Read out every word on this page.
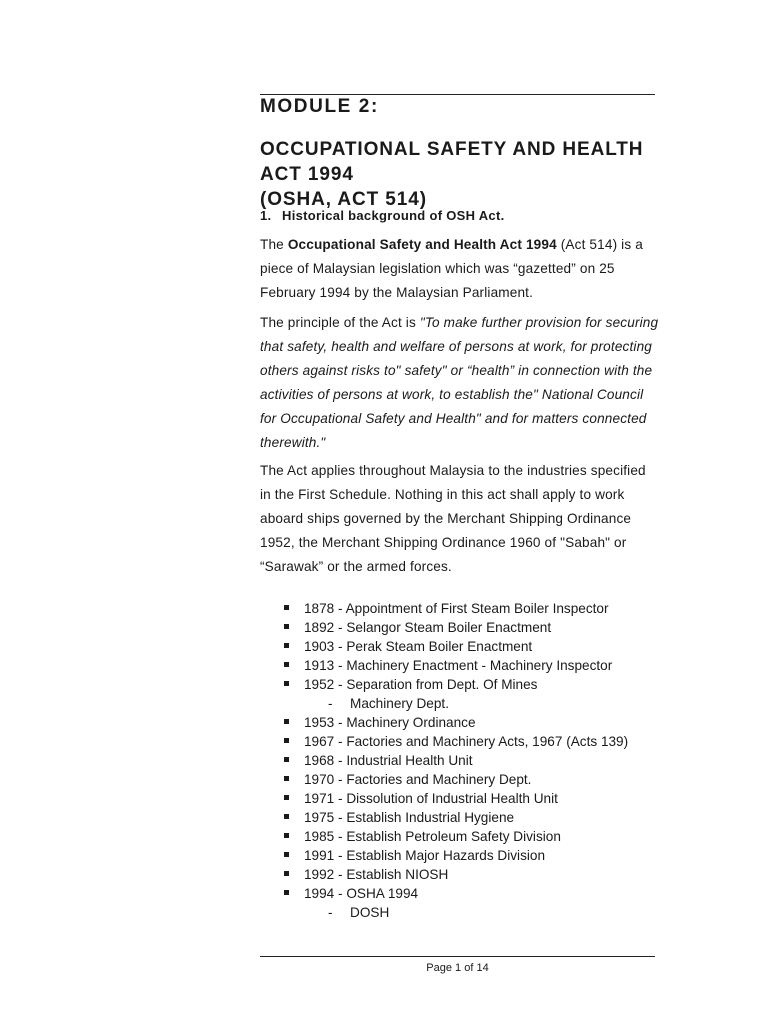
MODULE 2:
OCCUPATIONAL SAFETY AND HEALTH ACT 1994
(OSHA, ACT 514)
1. Historical background of OSH Act.

The Occupational Safety and Health Act 1994 (Act 514) is a piece of Malaysian legislation which was “gazetted” on 25 February 1994 by the Malaysian Parliament.

The principle of the Act is "To make further provision for securing that safety, health and welfare of persons at work, for protecting others against risks to" safety" or “health” in connection with the activities of persons at work, to establish the" National Council for Occupational Safety and Health" and for matters connected therewith."

The Act applies throughout Malaysia to the industries specified in the First Schedule. Nothing in this act shall apply to work aboard ships governed by the Merchant Shipping Ordinance 1952, the Merchant Shipping Ordinance 1960 of "Sabah" or “Sarawak” or the armed forces.

1878 - Appointment of First Steam Boiler Inspector
1892 - Selangor Steam Boiler Enactment
1903 - Perak Steam Boiler Enactment
1913 - Machinery Enactment - Machinery Inspector
1952 - Separation from Dept. Of Mines
- Machinery Dept.
1953 - Machinery Ordinance
1967 - Factories and Machinery Acts, 1967 (Acts 139)
1968 - Industrial Health Unit
1970 - Factories and Machinery Dept.
1971 - Dissolution of Industrial Health Unit
1975 - Establish Industrial Hygiene
1985 - Establish Petroleum Safety Division
1991 - Establish Major Hazards Division
1992 - Establish NIOSH
1994 - OSHA 1994
- DOSH
Page 1 of 14
